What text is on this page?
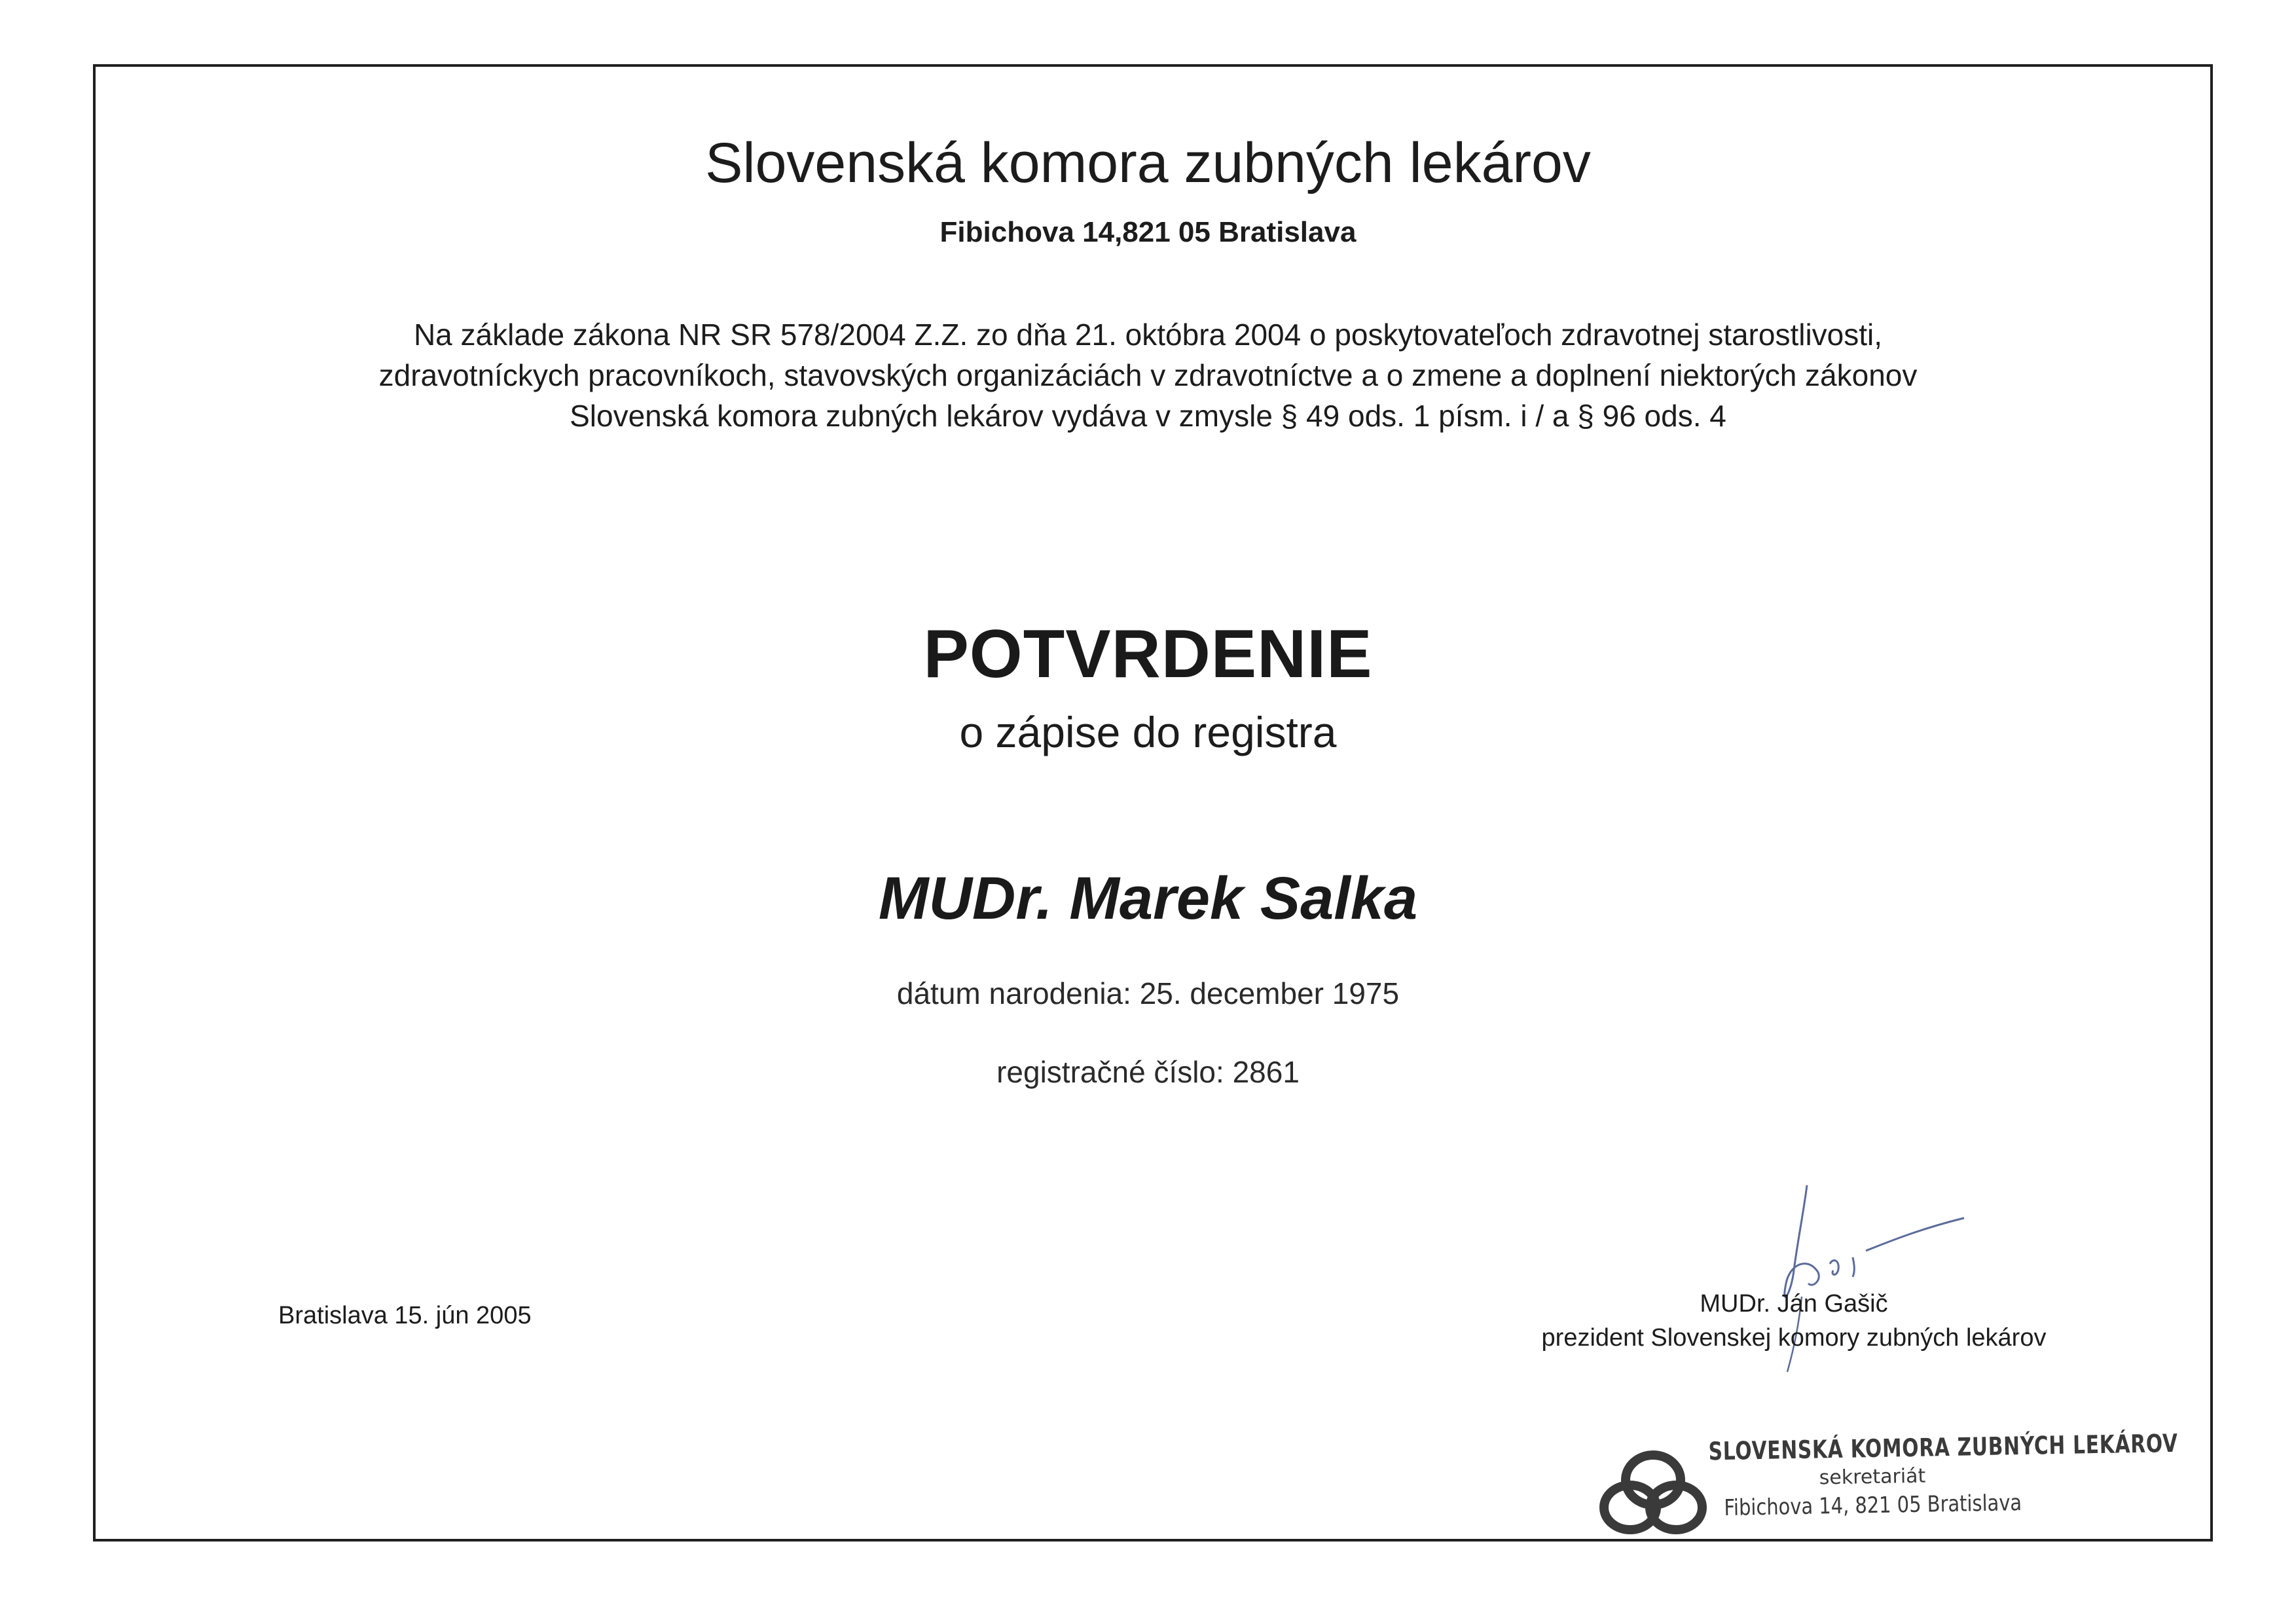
Slovenská komora zubných lekárov
Fibichova 14,821 05 Bratislava
Na základe zákona NR SR 578/2004 Z.Z. zo dňa 21. októbra 2004 o poskytovateľoch zdravotnej starostlivosti,
zdravotníckych pracovníkoch, stavovských organizáciách v zdravotníctve a o zmene a doplnení niektorých zákonov
Slovenská komora zubných lekárov vydáva v zmysle § 49 ods. 1 písm. i / a § 96 ods. 4
POTVRDENIE
o zápise do registra
MUDr. Marek Salka
dátum narodenia: 25. december 1975
registračné číslo: 2861
Bratislava 15. jún 2005	MUDr. Ján Gašič
prezident Slovenskej komory zubných lekárov
SLOVENSKÁ KOMORA ZUBNÝCH LEKÁROV
sekretariát
Fibichova 14, 821 05 Bratislava
